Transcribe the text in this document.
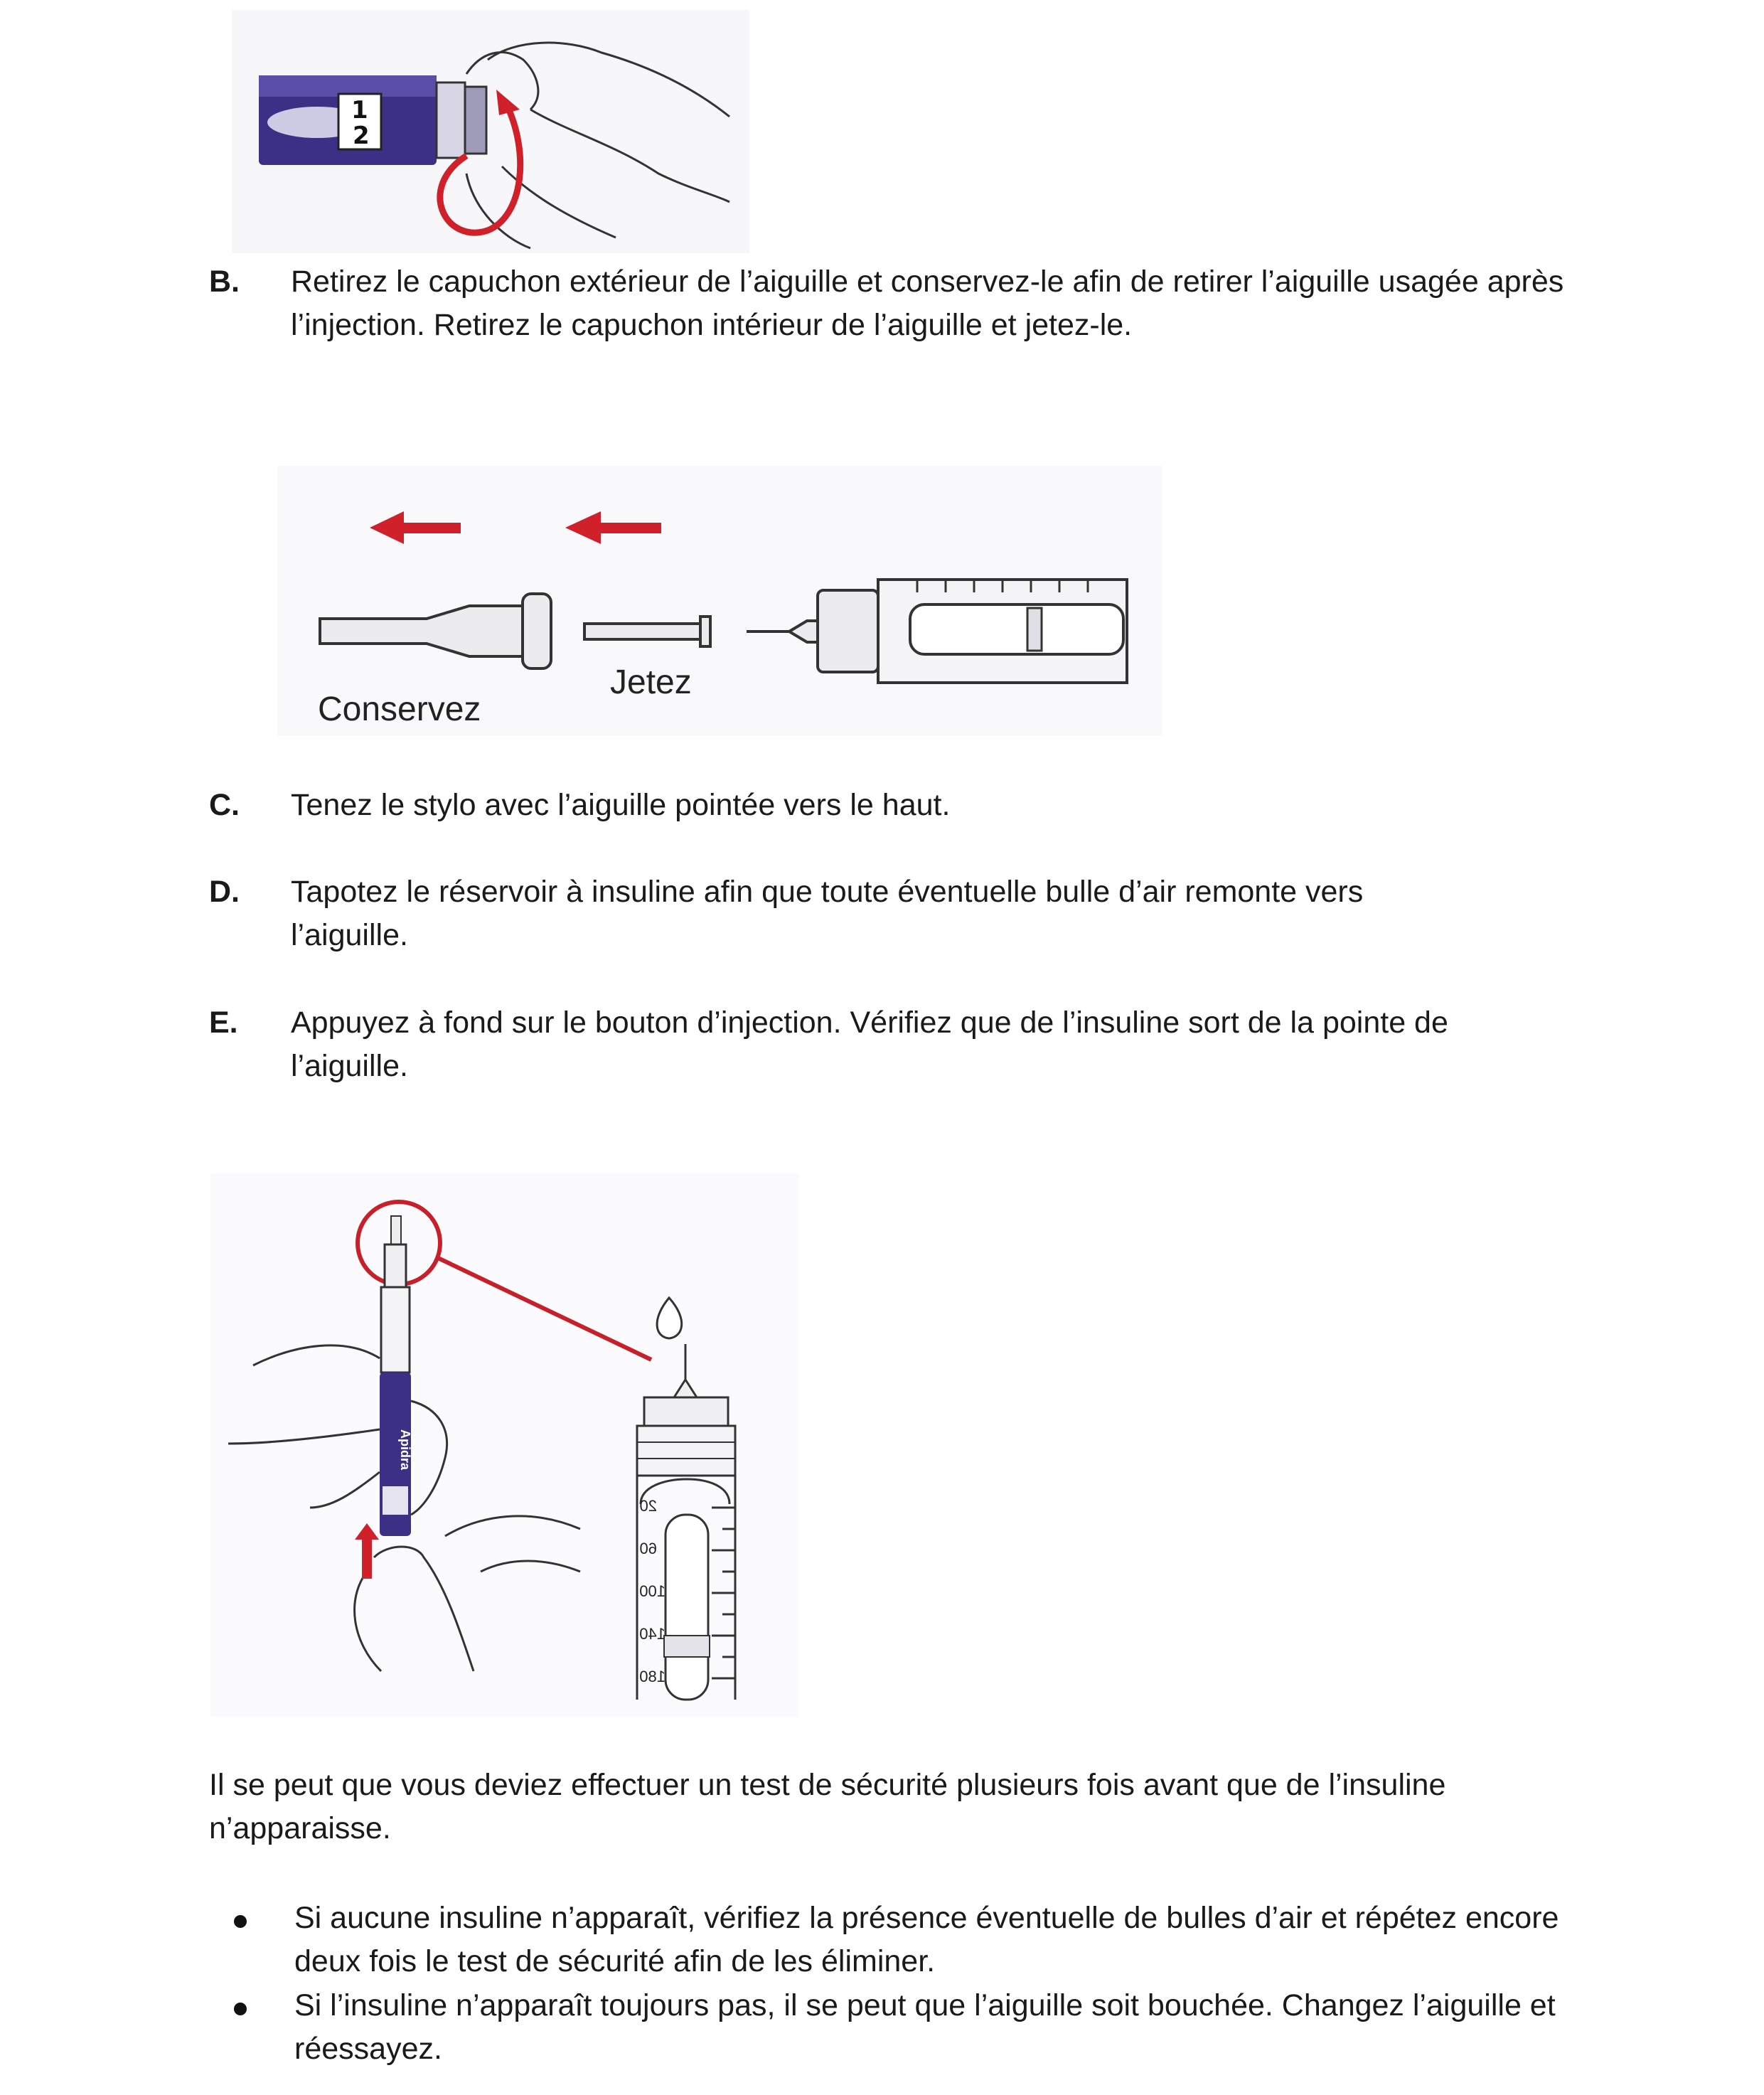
1
2
B. Retirez le capuchon extérieur de l’aiguille et conservez-le afin de retirer l’aiguille usagée après l’injection. Retirez le capuchon intérieur de l’aiguille et jetez-le.
Conservez
Jetez
C. Tenez le stylo avec l’aiguille pointée vers le haut.
D. Tapotez le réservoir à insuline afin que toute éventuelle bulle d’air remonte vers l’aiguille.
E. Appuyez à fond sur le bouton d’injection. Vérifiez que de l’insuline sort de la pointe de l’aiguille.
Apidra
20
60
100
140
180
Il se peut que vous deviez effectuer un test de sécurité plusieurs fois avant que de l’insuline n’apparaisse.
Si aucune insuline n’apparaît, vérifiez la présence éventuelle de bulles d’air et répétez encore deux fois le test de sécurité afin de les éliminer.
Si l’insuline n’apparaît toujours pas, il se peut que l’aiguille soit bouchée. Changez l’aiguille et réessayez.
